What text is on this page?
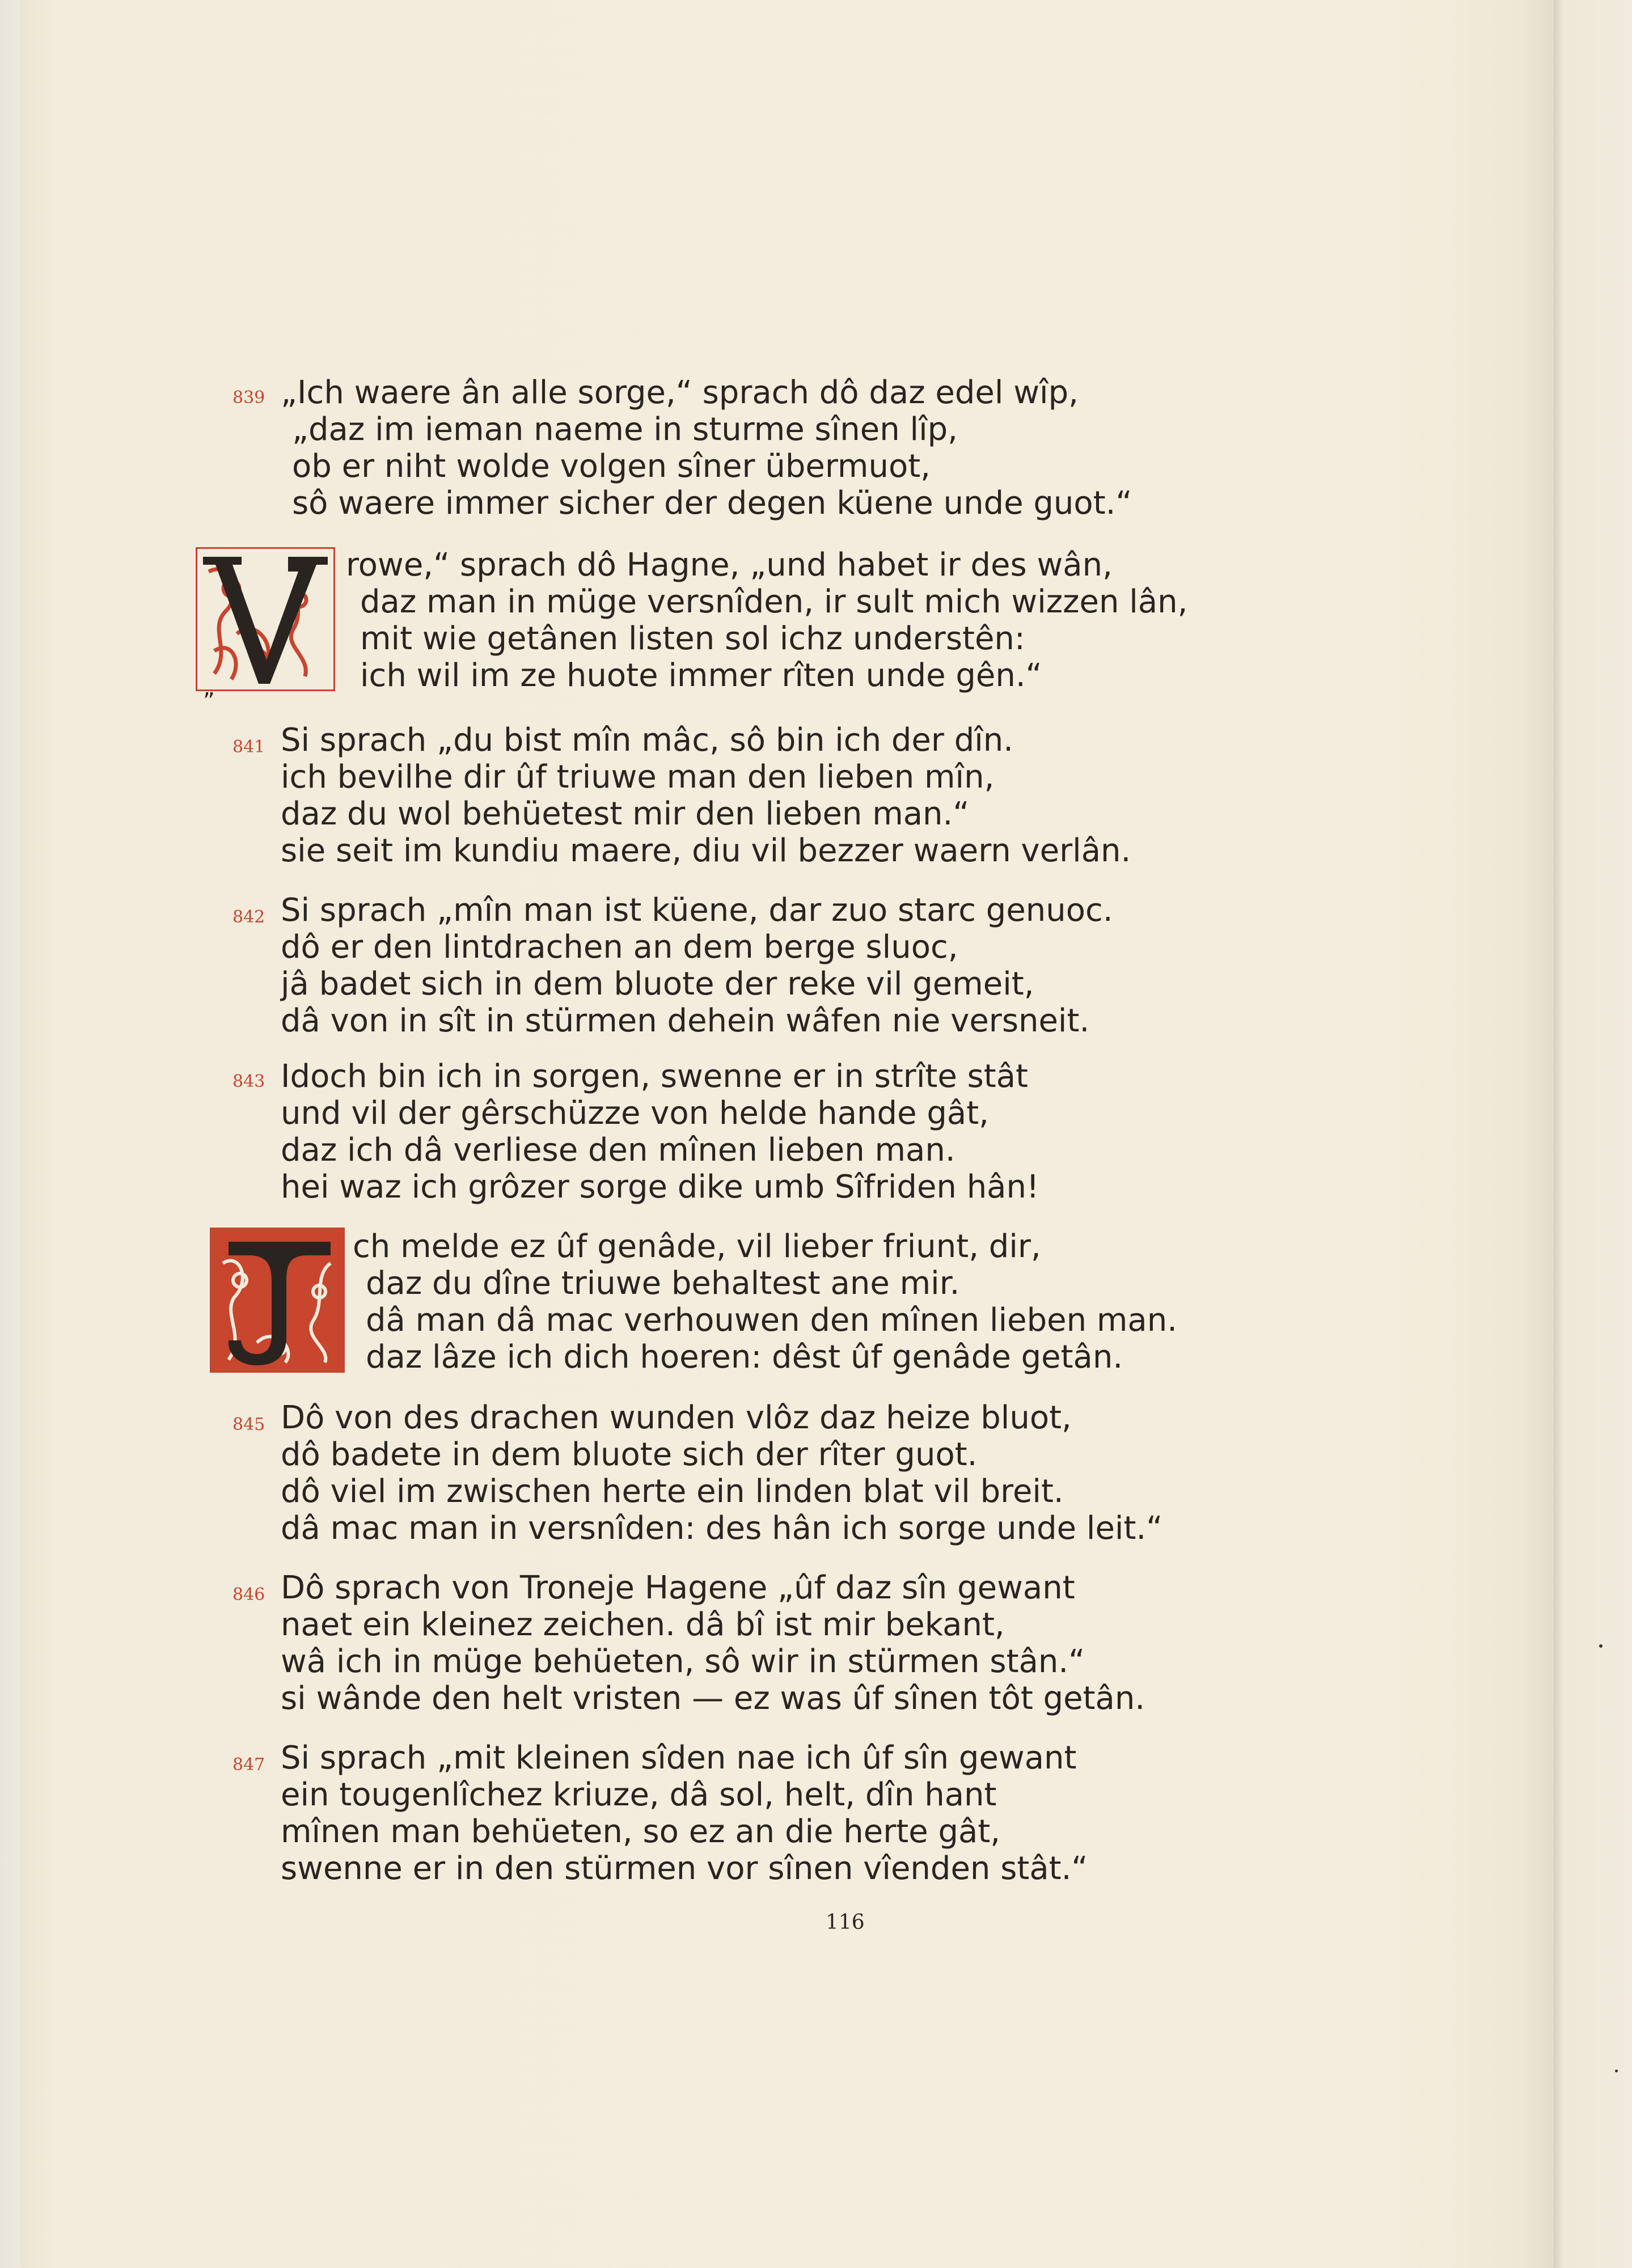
839 „Ich waere ân alle sorge,“ sprach dô daz edel wîp,
„daz im ieman naeme in sturme sînen lîp,
ob er niht wolde volgen sîner übermuot,
sô waere immer sicher der degen küene unde guot.“
„
rowe,“ sprach dô Hagne, „und habet ir des wân,
daz man in müge versnîden, ir sult mich wizzen lân,
mit wie getânen listen sol ichz understên:
ich wil im ze huote immer rîten unde gên.“
841 Si sprach „du bist mîn mâc, sô bin ich der dîn.
ich bevilhe dir ûf triuwe man den lieben mîn,
daz du wol behüetest mir den lieben man.“
sie seit im kundiu maere, diu vil bezzer waern verlân.
842 Si sprach „mîn man ist küene, dar zuo starc genuoc.
dô er den lintdrachen an dem berge sluoc,
jâ badet sich in dem bluote der reke vil gemeit,
dâ von in sît in stürmen dehein wâfen nie versneit.
843 Idoch bin ich in sorgen, swenne er in strîte stât
und vil der gêrschüzze von helde hande gât,
daz ich dâ verliese den mînen lieben man.
hei waz ich grôzer sorge dike umb Sîfriden hân!
ch melde ez ûf genâde, vil lieber friunt, dir,
daz du dîne triuwe behaltest ane mir.
dâ man dâ mac verhouwen den mînen lieben man.
daz lâze ich dich hoeren: dêst ûf genâde getân.
845 Dô von des drachen wunden vlôz daz heize bluot,
dô badete in dem bluote sich der rîter guot.
dô viel im zwischen herte ein linden blat vil breit.
dâ mac man in versnîden: des hân ich sorge unde leit.“
846 Dô sprach von Troneje Hagene „ûf daz sîn gewant
naet ein kleinez zeichen. dâ bî ist mir bekant,
wâ ich in müge behüeten, sô wir in stürmen stân.“
si wânde den helt vristen — ez was ûf sînen tôt getân.
847 Si sprach „mit kleinen sîden nae ich ûf sîn gewant
ein tougenlîchez kriuze, dâ sol, helt, dîn hant
mînen man behüeten, so ez an die herte gât,
swenne er in den stürmen vor sînen vîenden stât.“
116
